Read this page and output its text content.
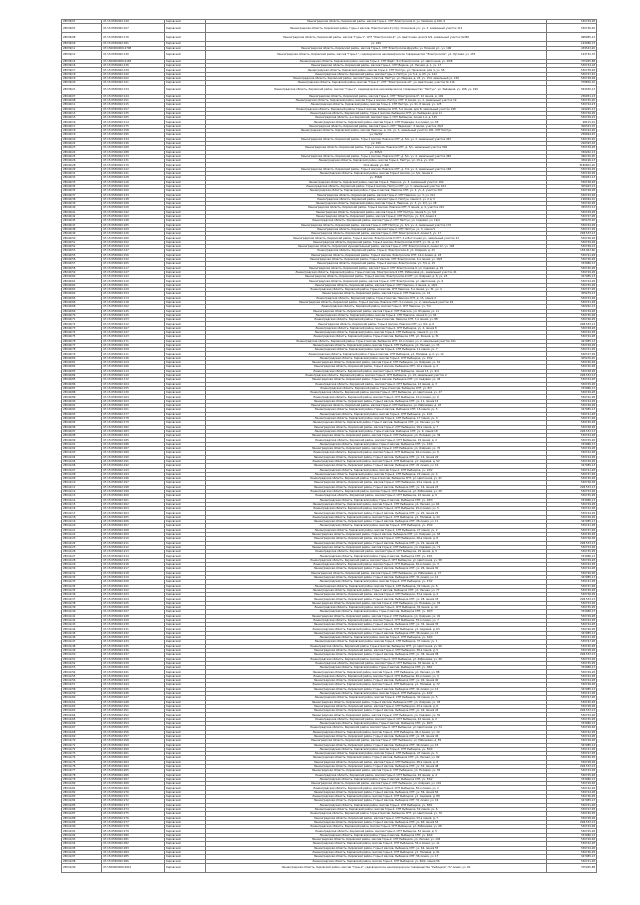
28039/07	47:15:0556002:149	Кировский	Ленинградская область, Кировский район, массив Горы-1, СНТ Электросила-9, уч. Зелёная, д.106, 9	530749,28
28039/07	47:15:0556002:107	Кировский	Ленинградская область, Кировский район, Горы-1 массив, Электросила-9 (отр), Солнечная ул., уч. 3, земельный участок 112	530746,20
28039/08	47:15:0556002:176	Кировский	Ленинградская область, Кировский район, массив "Горы-1", СНТ "Электросила-9", ул. Цветочная, дом № 6/4, земельный участок №456	998985,12
28039/09	47:15:0556002:181	Кировский	уч. 249	194086,13
28039/11	47:1500000000:4798	Кировский	Ленинградская область, Кировский район, массив Горы-1, СНТ Электросила-Дружба, уч. Нижняя ул., уч. 196	439543,20
28039/12	47:15:0556002:130	Кировский	Ленинградская область, Кировский район, массив "Горы-1", садоводческое некоммерческое товарищество "Электросила", ул. Луговая, уч. 155	193732,70
28039/14	47:1500000000:4183	Кировский	Ленинградская область, Кировский район, массив Горы-1, СНТ Ждёт, 8-я Электросила, ул. Цветочная, уч. 28/8	375095,88
28039/16	47:15:0556002:136	Кировский	Ленинградская область, Кировский район, массив Горы-1, СНТ Верное, ул. Лесная, д. 1, уч. 17	530744,18
28039/17	47:15:0556002:139	Кировский	Ленинградская область, Кировский район, массив Горы-1, СНТ Нептун, ул. Проезжая, дом 4, уч. 56	530738,28
28039/18	47:15:0556002:140	Кировский	Ленинградская область, Кировский район, массив Горы-1, Нептун, ул. 5-я, д. 63, уч. 142	530747,22
28039/19	47:15:0556002:102	Кировский	Ленинградская область, Кировский район, массив Горы-1 массив, Нептун, ул. Медная, д. 23, уч. 154, земельный уч. 230	530748,28
28039/20	47:15:0556002:121	Кировский	Ленинградская область, Кировский район, массив "Горы-1", СНТ "Электросила-10", ул. Цветочная, участок № 116	378850,10
28039/21	47:15:0556002:134	Кировский	Ленинградская область, Кировский район, массив "Горы-1", садоводческое некоммерческое товарищество "Нептун", ул. Звёздная, уч. 168, уч. 190	563450,13
28040/07	47:15:0556002:144	Кировский	Ленинградская область, Кировский район, массив Горы-1, СНТ "Электросила-9", 12 линия, д. 149	236051,13
28040/08	47:15:0556002:151	Кировский	Ленинградская область, Кировский район, массив Горы-1 массив, Нептун СНТ, 8 линия, уч. 4, земельный участок 19	530745,20
28040/11	47:15:0556002:115	Кировский	Ленинградская область, Кировский район, массив Горы-1, СНТ Нептун, уч. 91, 8 линия, уч. 125	530744,23
28040/12	47:15:0556002:157	Кировский	Ленинградская область, Кировский район, Горы-1 массив, Рыбацкое СНТ, 5-я линия, дом 8, земельный участок 198	329265,13
28040/13	47:15:0556002:135	Кировский	Ленинградская область, Кировский район, Горы-1 массив, Рыбацкое СНТ, ул. Рыбацкая, дом 11	530746,28
28040/15	47:15:0556002:165	Кировский	Ленинградская область, р-н Кировский, массив Горы-1, СНТ Рыбацкое, линия 1-я, д. 125	530749,23
28040/16	47:15:0556002:114	Кировский	Ленинградская область, Кировский район, массив Горы-1, СНТ Надежда, 2-я линия, уч. 65	98115,10
28040/17	47:15:0556002:175	Кировский	Ленинградская область, Кировский район, массив Горы-1, СНТ "Надежда", 3 линия, участок 30/4	306323,15
28040/18	47:15:0556002:158	Кировский	Ленинградская область, Кировский район, массив Невское, д. 2/1, уч. 3, земельный участок 181, СНТ Нептун	530742,20
28040/19	47:15:0556002:195	Кировский	уч. 5а/3/2	258094,25
28040/20	47:15:0556002:134	Кировский	Ленинградская область, Кировский район, Горы-1 массив, Невское СНТ, д. 5/е, уч. 3, земельный участок 497	530745,20
28040/22	47:15:0556002:136	Кировский	уч. 150	226393,18
28040/23	47:15:0556002:168	Кировский	Ленинградская область, Кировский район, Горы-1 массив, Невское СНТ, д. 5/о, земельный участок 509	530739,28
28040/24	47:15:0556002:188	Кировский	уч. 505/4	330262,13
28040/25	47:15:0556002:173	Кировский	Ленинградская область, Кировский район, Горы-1 массив, Невское СНТ, д. 5/к, уч. 4, земельный участок 464	366740,20
28040/26	47:15:0556002:131	Кировский	Ленинградская область, Кировский район, массив Горы-1, Нептун, ул. 13-я, уч. 130	336196,13
28040/28	47:15:0556002:170	Кировский	13-я линия, уч. 9/8	3180601,20
28040/29	47:15:0556002:122	Кировский	Ленинградская область, Кировский район, Горы-2 массив, Невское СНТ, д. 7/4, уч. 4, земельный участок 168	530749,28
28040/31	47:15:0556002:141	Кировский	Ленинградская область, Кировский район, массив Горы-2 массив, уч. 5/е, линия 4	530740,28
28040/32	47:15:0556002:128	Кировский	уч. 556/6	336051,13
28040/33	47:15:0556002:116	Кировский	Ленинградская область, Кировский район, массив Горы-2, Невское, уч. 3, земельный участок 160	530748,28
28040/34	47:15:0556002:160	Кировский	Ленинградская область, Кировский район, Горы-2 массив, Нептун СНТ, уч. 3, земельный участок 164	305463,13
28040/35	47:15:0556002:150	Кировский	Ленинградская область, Кировский район, Горы-2 массив, Невское СНТ, уч. 2, уч. 4, участок 267	530748,28
28040/37	47:15:0556002:133	Кировский	Ленинградская область, Кировский район, массив Горы-2, СНТ Невское, уч. 3, уч. 211	530743,28
28040/38	47:15:0556002:138	Кировский	Ленинградская область, Кировский район, массив Горы-2, Нептун, линия 3, уч. 2 д. 5	198394,10
28040/39	47:15:0556002:108	Кировский	Ленинградская область, Кировский район, массив Горы-2, Невское, уч. 3, уч. 2/3, уч. 28	530740,28
28040/40	47:15:0556002:120	Кировский	Ленинградская область, Кировский район, Горы-2 массив, Невское СНТ, 5 линия, д. 4, участок 201	355373,13
28040/41	47:15:0556002:142	Кировский	Ленинградская область, Кировский район, массив Горы-2, СНТ Нептун, линия 5, уч. 5/4	530749,28
28040/42	47:15:0556002:163	Кировский	Ленинградская область, Кировский район, массив Горы-2, СНТ Нептун, уч. 3/4, линия 2	530747,28
28040/45	47:15:0556002:148	Кировский	Ленинградская область, Кировский район, массив Горы-2, СНТ Нептун, ул. Садовая, уч. 19/4	305476,20
28040/47	47:15:0556002:165	Кировский	Ленинградская область, Кировский район, массив Горы-2, СНТ Нептун, уч. 3/1, уч. 4, земельный участок 172	530744,28
28040/48	47:15:0556002:109	Кировский	Ленинградская область, Кировский район, массив Горы-2, СНТ Нептун, уч. 3, линия 5	530747,28
28040/49	47:15:0556002:126	Кировский	Ленинградская область, Кировский район, массив Горы-2, СНТ Электросила-9, линия 5, уч. 17	208,533,13
28040/50	47:15:0556002:180	Кировский	Ленинградская область, Кировский район, Горы-2 массив, Электросила-9 СНТ, 2-я Восточная ул., земельный участок 21	530746,28
28040/51	47:15:0556002:152	Кировский	Ленинградская область, Кировский район, Горы-2 массив, Электросила-9 СНТ, уч. 11, д. 23	530749,28
28040/52	47:15:0556002:119	Кировский	Ленинградская область, Кировский муниципальный район, массив Горы-2, СНТ Электросила-9, линия 12, уч. 148	530748,13
28040/53	47:15:0556002:137	Кировский	Ленинградская область, Кировский район, Горы-2, Электросила-9, ул. Озёрная, д. 23	158,067,60
28040/55	47:15:0556002:156	Кировский	Ленинградская область, Кировский район, Горы-2 массив, Электросила СНТ, 14-я линия, д. 18	530741,28
28040/56	47:15:0556002:132	Кировский	Ленинградская область, Кировский район, Горы-2 массив, СНТ Электросила, 3-я линия, уч. 18/3	530746,28
28040/57	47:15:0556002:105	Кировский	Ленинградская область, Кировский район, Горы-2 массив, Электросила, уч. 7/4, д. 15	333086,13
28040/58	47:15:0556002:117	Кировский	Ленинградская область, Кировский район, массив Горы-2, СНТ Электросила-9, ул. Садовая, д. 29	530740,28
28040/59	47:15:0556002:127	Кировский	Ленинградская область, Кировский район, Горы-2 массив, Электросила-9 СНТ, Рябиновая ул., земельный участок 41	530749,28
28040/60	47:15:0556002:143	Кировский	Ленинградская область, Кировский район, Горы-2 массив, Электросила-9 СНТ, ул. Озёрная, д. 6, уч. 23	347085,13
28040/61	47:15:0556002:110	Кировский	Ленинградская область, Кировский район, массив Горы-2, СНТ Электросила, ул. Цветочная, уч. 9	530744,28
28040/62	47:15:0556002:161	Кировский	Ленинградская область, Кировский район, массив Горы-2, СНТ Невское, 4 линия, д. 19/4	530745,28
28040/63	47:15:0556002:129	Кировский	Ленинградская область, Кировский район, Горы-2 массив, СНТ Невское, 3-я линия, уч. 31, уч. 4	530747,28
28040/64	47:15:0556002:154	Кировский	Ленинградская область, Кировский район, массив Горы-2, СНТ Невское, уч. 41	305479,13
28040/65	47:15:0556002:174	Кировский	Ленинградская область, Кировский район, Горы-2 массив, Невское СНТ, д. 13, линия 4	530743,28
28040/66	47:15:0556002:118	Кировский	Ленинградская область, Кировский район, Горы-2 массив, Невское СНТ, 5-я линия, уч. 2, земельный участок 94	530741,28
28040/68	47:15:0556002:162	Кировский	Ленинградская область, Кировский район, массив Горы-2, СНТ Невское, уч. 7/4	330262,13
28040/69	47:15:0556002:145	Кировский	Ленинградская область, Кировский район, массив Горы-2, СНТ Невское, ул. Ягодная, уч. 11	530749,28
28040/70	47:15:0556002:125	Кировский	Ленинградская область, Кировский район, массив Горы-2, СНТ Невское, линия 6, уч. 64	530745,28
28040/71	47:15:0556002:153	Кировский	Ленинградская область, Кировский район, Горы-2 массив, Невское СНТ, 7-я линия, уч. 88	530746,28
28040/72	47:15:0556002:112	Кировский	Ленинградская область, Кировский район, Горы-2 массив, Невское СНТ, уч. 9/1, д. 6	208,533,13
28040/73	47:15:0556002:167	Кировский	Ленинградская область, Кировский район, массив Горы-2, СНТ Рыбацкое, уч. 4, линия 8	530748,28
28040/74	47:15:0556002:147	Кировский	Ленинградская область, Кировский район, массив Горы-2, СНТ Рыбацкое, линия 9, уч. 14	530742,28
28040/75	47:15:0556002:123	Кировский	Ленинградская область, Кировский район, Горы-2 массив, Рыбацкое СНТ, ул. Речная, д. 31	530744,28
28040/76	47:15:0556002:171	Кировский	Ленинградская область, Кировский район, Горы-2 массив, Рыбацкое СНТ, 10-я линия, уч. 2, земельный участок 101	347085,13
28040/77	47:15:0556002:106	Кировский	Ленинградская область, Кировский район, массив Горы-2, СНТ Рыбацкое, ул. Лесная, уч. 33	530749,28
28040/78	47:15:0556002:159	Кировский	Ленинградская область, Кировский район, массив Горы-2, СНТ Рыбацкое, 11 линия, уч. 7	530741,28
28040/79	47:15:0556002:111	Кировский	Ленинградская область, Кировский район, Горы-2 массив, СНТ Рыбацкое, ул. Полевая, д. 2, уч. 12	530747,28
28040/80	47:15:0556002:146	Кировский	Ленинградская область, Кировский район, массив Горы-2, СНТ Рыбацкое, уч. 15/2	305476,20
28040/81	47:15:0556002:124	Кировский	Ленинградская область, Кировский район, массив Горы-2, СНТ Рыбацкое, ул. Озёрная, уч. 61	530746,28
28040/82	47:15:0556002:166	Кировский	Ленинградская область, Кировский район, Горы-2 массив, Рыбацкое СНТ, 12-я линия, д. 4	530740,28
28040/83	47:15:0556002:113	Кировский	Ленинградская область, Кировский район, массив Горы-2, СНТ Рыбацкое, линия 13, уч. 9/4	530748,28
28040/84	47:15:0556002:149	Кировский	Ленинградская область, Кировский район, массив Горы-2, СНТ Рыбацкое, уч. 19, земельный участок 2	208,533,13
28040/85	47:15:0556002:172	Кировский	Ленинградская область, Кировский район, Горы-2 массив, Рыбацкое СНТ, ул. Садовая, уч. 45	530743,28
28040/86	47:15:0556002:104	Кировский	Ленинградская область, Кировский район, массив Горы-2, СНТ Рыбацкое, 14 линия, д. 3	530745,28
28040/87	47:15:0556002:155	Кировский	Ленинградская область, Кировский район, Горы-2 массив, Рыбацкое СНТ, уч. 8/3	333086,13
28040/88	47:15:0556002:130	Кировский	Ленинградская область, Кировский район, массив Горы-2, СНТ Рыбацкое, ул. Цветочная, уч. 27	530749,28
28040/89	47:15:0556002:164	Кировский	Ленинградская область, Кировский район, массив Горы-2, СНТ Рыбацкое, 15-я линия, уч. 6	530742,28
28040/90	47:15:0556002:103	Кировский	Ленинградская область, Кировский район, Горы-2 массив, Рыбацкое СНТ, уч. 11, линия 15	530744,28
28040/91	47:15:0556002:169	Кировский	Ленинградская область, Кировский район, массив Горы-2, СНТ Рыбацкое, ул. Рябиновая, д. 18	530746,28
28040/92	47:15:0556002:101	Кировский	Ленинградская область, Кировский район, Горы-2 массив, Рыбацкое СНТ, 16 линия, уч. 5	347085,13
28040/93	47:15:0556002:177	Кировский	Ленинградская область, Кировский район, массив Горы-2, СНТ Рыбацкое, уч. 21/1	530741,28
28040/94	47:15:0556002:178	Кировский	Ленинградская область, Кировский район, массив Горы-2, СНТ Рыбацкое, 17 линия, уч. 3	530747,28
28040/95	47:15:0556002:179	Кировский	Ленинградская область, Кировский район, Горы-2 массив, Рыбацкое СНТ, ул. Лесная, уч. 52	530740,28
28040/96	47:15:0556002:182	Кировский	Ленинградская область, Кировский район, массив Горы-2, СНТ Рыбацкое, 18-я линия, д. 7	530748,28
28040/97	47:15:0556002:183	Кировский	Ленинградская область, Кировский район, Горы-2 массив, Рыбацкое СНТ, уч. 9, линия 18	208,533,13
28040/98	47:15:0556002:184	Кировский	Ленинградская область, Кировский район, массив Горы-2, СНТ Рыбацкое, ул. Полевая, уч. 36	530743,28
28040/99	47:15:0556002:185	Кировский	Ленинградская область, Кировский район, массив Горы-2, СНТ Рыбацкое, 19 линия, д. 2	530745,28
28041/01	47:15:0556002:186	Кировский	Ленинградская область, Кировский район, Горы-2 массив, Рыбацкое СНТ, уч. 12/4	333086,13
28041/02	47:15:0556002:187	Кировский	Ленинградская область, Кировский район, массив Горы-2, СНТ Рыбацкое, ул. Озёрная, уч. 70	530749,28
28041/03	47:15:0556002:189	Кировский	Ленинградская область, Кировский район, массив Горы-2, СНТ Рыбацкое, 20-я линия, уч. 8	530742,28
28041/04	47:15:0556002:190	Кировский	Ленинградская область, Кировский район, Горы-2 массив, Рыбацкое СНТ, уч. 14, линия 20	530744,28
28041/05	47:15:0556002:191	Кировский	Ленинградская область, Кировский район, массив Горы-2, СНТ Рыбацкое, ул. Садовая, д. 52	530746,28
28041/06	47:15:0556002:192	Кировский	Ленинградская область, Кировский район, Горы-2 массив, Рыбацкое СНТ, 21 линия, уч. 10	347085,13
28041/07	47:15:0556002:193	Кировский	Ленинградская область, Кировский район, массив Горы-2, СНТ Рыбацкое, уч. 23/2	530741,28
28041/08	47:15:0556002:194	Кировский	Ленинградская область, Кировский район, массив Горы-2, СНТ Рыбацкое, 22 линия, уч. 4	530747,28
28041/09	47:15:0556002:196	Кировский	Ленинградская область, Кировский район, Горы-2 массив, Рыбацкое СНТ, ул. Цветочная, уч. 41	530740,28
28041/10	47:15:0556002:197	Кировский	Ленинградская область, Кировский район, массив Горы-2, СНТ Рыбацкое, 23-я линия, д. 6	530748,28
28041/11	47:15:0556002:198	Кировский	Ленинградская область, Кировский район, Горы-2 массив, Рыбацкое СНТ, уч. 16, линия 23	208,533,13
28041/12	47:15:0556002:199	Кировский	Ленинградская область, Кировский район, массив Горы-2, СНТ Рыбацкое, ул. Рябиновая, уч. 29	530743,28
28041/13	47:15:0556002:200	Кировский	Ленинградская область, Кировский район, массив Горы-2, СНТ Рыбацкое, 24 линия, д. 9	530745,28
28041/14	47:15:0556002:201	Кировский	Ленинградская область, Кировский район, Горы-2 массив, Рыбацкое СНТ, уч. 18/3	333086,13
28041/15	47:15:0556002:202	Кировский	Ленинградская область, Кировский район, массив Горы-2, СНТ Рыбацкое, ул. Лесная, уч. 64	530749,28
28041/16	47:15:0556002:203	Кировский	Ленинградская область, Кировский район, массив Горы-2, СНТ Рыбацкое, 25-я линия, уч. 5	530742,28
28041/17	47:15:0556002:204	Кировский	Ленинградская область, Кировский район, Горы-2 массив, Рыбацкое СНТ, уч. 20, линия 25	530744,28
28041/18	47:15:0556002:205	Кировский	Ленинградская область, Кировский район, массив Горы-2, СНТ Рыбацкое, ул. Полевая, д. 44	530746,28
28041/19	47:15:0556002:206	Кировский	Ленинградская область, Кировский район, Горы-2 массив, Рыбацкое СНТ, 26 линия, уч. 11	347085,13
28041/20	47:15:0556002:207	Кировский	Ленинградская область, Кировский район, массив Горы-2, СНТ Рыбацкое, уч. 25/4	530741,28
28041/21	47:15:0556002:208	Кировский	Ленинградская область, Кировский район, массив Горы-2, СНТ Рыбацкое, 27 линия, уч. 2	530747,28
28041/22	47:15:0556002:209	Кировский	Ленинградская область, Кировский район, Горы-2 массив, Рыбацкое СНТ, ул. Озёрная, уч. 83	530740,28
28041/23	47:15:0556002:210	Кировский	Ленинградская область, Кировский район, массив Горы-2, СНТ Рыбацкое, 28-я линия, д. 8	530748,28
28041/24	47:15:0556002:211	Кировский	Ленинградская область, Кировский район, Горы-2 массив, Рыбацкое СНТ, уч. 22, линия 28	208,533,13
28041/25	47:15:0556002:212	Кировский	Ленинградская область, Кировский район, массив Горы-2, СНТ Рыбацкое, ул. Садовая, уч. 71	530743,28
28041/26	47:15:0556002:213	Кировский	Ленинградская область, Кировский район, массив Горы-2, СНТ Рыбацкое, 29 линия, д. 5	530745,28
28041/27	47:15:0556002:214	Кировский	Ленинградская область, Кировский район, Горы-2 массив, Рыбацкое СНТ, уч. 24/1	333086,13
28041/28	47:15:0556002:215	Кировский	Ленинградская область, Кировский район, массив Горы-2, СНТ Рыбацкое, ул. Цветочная, уч. 58	530749,28
28041/29	47:15:0556002:216	Кировский	Ленинградская область, Кировский район, массив Горы-2, СНТ Рыбацкое, 30-я линия, уч. 3	530742,28
28041/30	47:15:0556002:217	Кировский	Ленинградская область, Кировский район, Горы-2 массив, Рыбацкое СНТ, уч. 26, линия 30	530744,28
28041/31	47:15:0556002:218	Кировский	Ленинградская область, Кировский район, массив Горы-2, СНТ Рыбацкое, ул. Рябиновая, д. 37	530746,28
28041/32	47:15:0556002:219	Кировский	Ленинградская область, Кировский район, Горы-2 массив, Рыбацкое СНТ, 31 линия, уч. 12	347085,13
28041/33	47:15:0556002:220	Кировский	Ленинградская область, Кировский район, массив Горы-2, СНТ Рыбацкое, уч. 27/2	530741,28
28041/34	47:15:0556002:221	Кировский	Ленинградская область, Кировский район, массив Горы-2, СНТ Рыбацкое, 32 линия, уч. 6	530747,28
28041/35	47:15:0556002:222	Кировский	Ленинградская область, Кировский район, Горы-2 массив, Рыбацкое СНТ, ул. Лесная, уч. 77	530740,28
28041/36	47:15:0556002:223	Кировский	Ленинградская область, Кировский район, массив Горы-2, СНТ Рыбацкое, 33-я линия, д. 4	530748,28
28041/37	47:15:0556002:224	Кировский	Ленинградская область, Кировский район, Горы-2 массив, Рыбацкое СНТ, уч. 28, линия 33	208,533,13
28041/38	47:15:0556002:225	Кировский	Ленинградская область, Кировский район, массив Горы-2, СНТ Рыбацкое, ул. Полевая, уч. 55	530743,28
28041/39	47:15:0556002:226	Кировский	Ленинградская область, Кировский район, массив Горы-2, СНТ Рыбацкое, 34 линия, д. 10	530745,28
28041/40	47:15:0556002:227	Кировский	Ленинградская область, Кировский район, Горы-2 массив, Рыбацкое СНТ, уч. 30/3	333086,13
28041/41	47:15:0556002:228	Кировский	Ленинградская область, Кировский район, массив Горы-2, СНТ Рыбацкое, ул. Озёрная, уч. 91	530749,28
28041/42	47:15:0556002:229	Кировский	Ленинградская область, Кировский район, массив Горы-2, СНТ Рыбацкое, 35-я линия, уч. 7	530742,28
28041/43	47:15:0556002:230	Кировский	Ленинградская область, Кировский район, Горы-2 массив, Рыбацкое СНТ, уч. 32, линия 35	530744,28
28041/44	47:15:0556002:231	Кировский	Ленинградская область, Кировский район, массив Горы-2, СНТ Рыбацкое, ул. Садовая, д. 63	530746,28
28041/45	47:15:0556002:232	Кировский	Ленинградская область, Кировский район, Горы-2 массив, Рыбацкое СНТ, 36 линия, уч. 13	347085,13
28041/46	47:15:0556002:233	Кировский	Ленинградская область, Кировский район, массив Горы-2, СНТ Рыбацкое, уч. 34/4	530741,28
28041/47	47:15:0556002:234	Кировский	Ленинградская область, Кировский район, массив Горы-2, СНТ Рыбацкое, 37 линия, уч. 1	530747,28
28041/48	47:15:0556002:235	Кировский	Ленинградская область, Кировский район, Горы-2 массив, Рыбацкое СНТ, ул. Цветочная, уч. 66	530740,28
28041/49	47:15:0556002:236	Кировский	Ленинградская область, Кировский район, массив Горы-2, СНТ Рыбацкое, 38-я линия, д. 5	530748,28
28041/50	47:15:0556002:237	Кировский	Ленинградская область, Кировский район, Горы-2 массив, Рыбацкое СНТ, уч. 36, линия 38	208,533,13
28041/51	47:15:0556002:238	Кировский	Ленинградская область, Кировский район, массив Горы-2, СНТ Рыбацкое, ул. Рябиновая, уч. 49	530743,28
28041/52	47:15:0556002:239	Кировский	Ленинградская область, Кировский район, массив Горы-2, СНТ Рыбацкое, 39 линия, д. 3	530745,28
28041/53	47:15:0556002:240	Кировский	Ленинградская область, Кировский район, Горы-2 массив, Рыбацкое СНТ, уч. 38/1	333086,13
28041/54	47:15:0556002:241	Кировский	Ленинградская область, Кировский район, массив Горы-2, СНТ Рыбацкое, ул. Лесная, уч. 88	530749,28
28041/55	47:15:0556002:242	Кировский	Ленинградская область, Кировский район, массив Горы-2, СНТ Рыбацкое, 40-я линия, уч. 9	530742,28
28041/56	47:15:0556002:243	Кировский	Ленинградская область, Кировский район, Горы-2 массив, Рыбацкое СНТ, уч. 40, линия 40	530744,28
28041/57	47:15:0556002:244	Кировский	Ленинградская область, Кировский район, массив Горы-2, СНТ Рыбацкое, ул. Полевая, д. 72	530746,28
28041/58	47:15:0556002:245	Кировский	Ленинградская область, Кировский район, Горы-2 массив, Рыбацкое СНТ, 41 линия, уч. 14	347085,13
28041/59	47:15:0556002:246	Кировский	Ленинградская область, Кировский район, массив Горы-2, СНТ Рыбацкое, уч. 42/2	530741,28
28041/60	47:15:0556002:247	Кировский	Ленинградская область, Кировский район, массив Горы-2, СНТ Рыбацкое, 42 линия, уч. 5	530747,28
28041/61	47:15:0556002:248	Кировский	Ленинградская область, Кировский район, Горы-2 массив, Рыбацкое СНТ, ул. Озёрная, уч. 95	530740,28
28041/62	47:15:0556002:250	Кировский	Ленинградская область, Кировский район, массив Горы-2, СНТ Рыбацкое, 43-я линия, д. 6	530748,28
28041/63	47:15:0556002:251	Кировский	Ленинградская область, Кировский район, Горы-2 массив, Рыбацкое СНТ, уч. 44, линия 43	208,533,13
28041/64	47:15:0556002:252	Кировский	Ленинградская область, Кировский район, массив Горы-2, СНТ Рыбацкое, ул. Садовая, уч. 81	530743,28
28041/65	47:15:0556002:253	Кировский	Ленинградская область, Кировский район, массив Горы-2, СНТ Рыбацкое, 44 линия, д. 2	530745,28
28041/66	47:15:0556002:254	Кировский	Ленинградская область, Кировский район, Горы-2 массив, Рыбацкое СНТ, уч. 46/3	333086,13
28041/67	47:15:0556002:255	Кировский	Ленинградская область, Кировский район, массив Горы-2, СНТ Рыбацкое, ул. Цветочная, уч. 74	530749,28
28041/68	47:15:0556002:256	Кировский	Ленинградская область, Кировский район, массив Горы-2, СНТ Рыбацкое, 45-я линия, уч. 10	530742,28
28041/69	47:15:0556002:257	Кировский	Ленинградская область, Кировский район, Горы-2 массив, Рыбацкое СНТ, уч. 48, линия 45	530744,28
28041/70	47:15:0556002:258	Кировский	Ленинградская область, Кировский район, массив Горы-2, СНТ Рыбацкое, ул. Рябиновая, д. 59	530746,28
28041/71	47:15:0556002:259	Кировский	Ленинградская область, Кировский район, Горы-2 массив, Рыбацкое СНТ, 46 линия, уч. 15	347085,13
28041/72	47:15:0556002:260	Кировский	Ленинградская область, Кировский район, массив Горы-2, СНТ Рыбацкое, уч. 50/4	530741,28
28041/73	47:15:0556002:261	Кировский	Ленинградская область, Кировский район, массив Горы-2, СНТ Рыбацкое, 47 линия, уч. 3	530747,28
28041/74	47:15:0556002:262	Кировский	Ленинградская область, Кировский район, Горы-2 массив, Рыбацкое СНТ, ул. Лесная, уч. 99	530740,28
28041/75	47:15:0556002:263	Кировский	Ленинградская область, Кировский район, массив Горы-2, СНТ Рыбацкое, 48-я линия, д. 8	530748,28
28041/76	47:15:0556002:264	Кировский	Ленинградская область, Кировский район, Горы-2 массив, Рыбацкое СНТ, уч. 52, линия 48	208,533,13
28041/77	47:15:0556002:265	Кировский	Ленинградская область, Кировский район, массив Горы-2, СНТ Рыбацкое, ул. Полевая, уч. 83	530743,28
28041/78	47:15:0556002:266	Кировский	Ленинградская область, Кировский район, массив Горы-2, СНТ Рыбацкое, 49 линия, д. 4	530745,28
28041/79	47:15:0556002:267	Кировский	Ленинградская область, Кировский район, Горы-2 массив, Рыбацкое СНТ, уч. 54/2	333086,13
28041/80	47:15:0556002:268	Кировский	Ленинградская область, Кировский район, массив Горы-2, СНТ Рыбацкое, ул. Озёрная, уч. 102	530749,28
28041/81	47:15:0556002:269	Кировский	Ленинградская область, Кировский район, массив Горы-2, СНТ Рыбацкое, 50-я линия, уч. 2	530742,28
28041/82	47:15:0556002:270	Кировский	Ленинградская область, Кировский район, Горы-2 массив, Рыбацкое СНТ, уч. 56, линия 50	530744,28
28041/83	47:15:0556002:271	Кировский	Ленинградская область, Кировский район, массив Горы-2, СНТ Рыбацкое, ул. Садовая, д. 88	530746,28
28041/84	47:15:0556002:272	Кировский	Ленинградская область, Кировский район, Горы-2 массив, Рыбацкое СНТ, 51 линия, уч. 16	347085,13
28041/85	47:15:0556002:273	Кировский	Ленинградская область, Кировский район, массив Горы-2, СНТ Рыбацкое, уч. 58/1	530741,28
28041/86	47:15:0556002:274	Кировский	Ленинградская область, Кировский район, массив Горы-2, СНТ Рыбацкое, 52 линия, уч. 6	530747,28
28041/87	47:15:0556002:275	Кировский	Ленинградская область, Кировский район, Горы-2 массив, Рыбацкое СНТ, ул. Цветочная, уч. 79	530740,28
28041/88	47:15:0556002:276	Кировский	Ленинградская область, Кировский район, массив Горы-2, СНТ Рыбацкое, 53-я линия, д. 7	530748,28
28041/89	47:15:0556002:277	Кировский	Ленинградская область, Кировский район, Горы-2 массив, Рыбацкое СНТ, уч. 60, линия 53	208,533,13
28041/90	47:15:0556002:278	Кировский	Ленинградская область, Кировский район, массив Горы-2, СНТ Рыбацкое, ул. Рябиновая, уч. 68	530743,28
28041/91	47:15:0556002:279	Кировский	Ленинградская область, Кировский район, массив Горы-2, СНТ Рыбацкое, 54 линия, д. 5	530745,28
28041/92	47:15:0556002:280	Кировский	Ленинградская область, Кировский район, Горы-2 массив, Рыбацкое СНТ, уч. 62/4	333086,13
28041/93	47:15:0556002:281	Кировский	Ленинградская область, Кировский район, массив Горы-2, СНТ Рыбацкое, ул. Лесная, уч. 104	530749,28
28041/94	47:15:0556002:282	Кировский	Ленинградская область, Кировский район, массив Горы-2, СНТ Рыбацкое, 55-я линия, уч. 11	530742,28
28041/95	47:15:0556002:283	Кировский	Ленинградская область, Кировский район, Горы-2 массив, Рыбацкое СНТ, уч. 64, линия 55	530744,28
28041/96	47:15:0556002:284	Кировский	Ленинградская область, Кировский район, массив Горы-2, СНТ Рыбацкое, ул. Полевая, д. 91	530746,28
28041/97	47:15:0556002:285	Кировский	Ленинградская область, Кировский район, Горы-2 массив, Рыбацкое СНТ, 56 линия, уч. 17	347085,13
28041/98	47:15:0556002:286	Кировский	Ленинградская область, Кировский район, массив Горы-2, СНТ Рыбацкое, уч. 66/2, линия 56	530741,28
28041/99	47:1500000000:4812	Кировский	Ленинградская область, Кировский район, массив "Горы-2", садоводческое некоммерческое товарищество "Рыбацкое", 57 линия, уч. 62	375095,88
